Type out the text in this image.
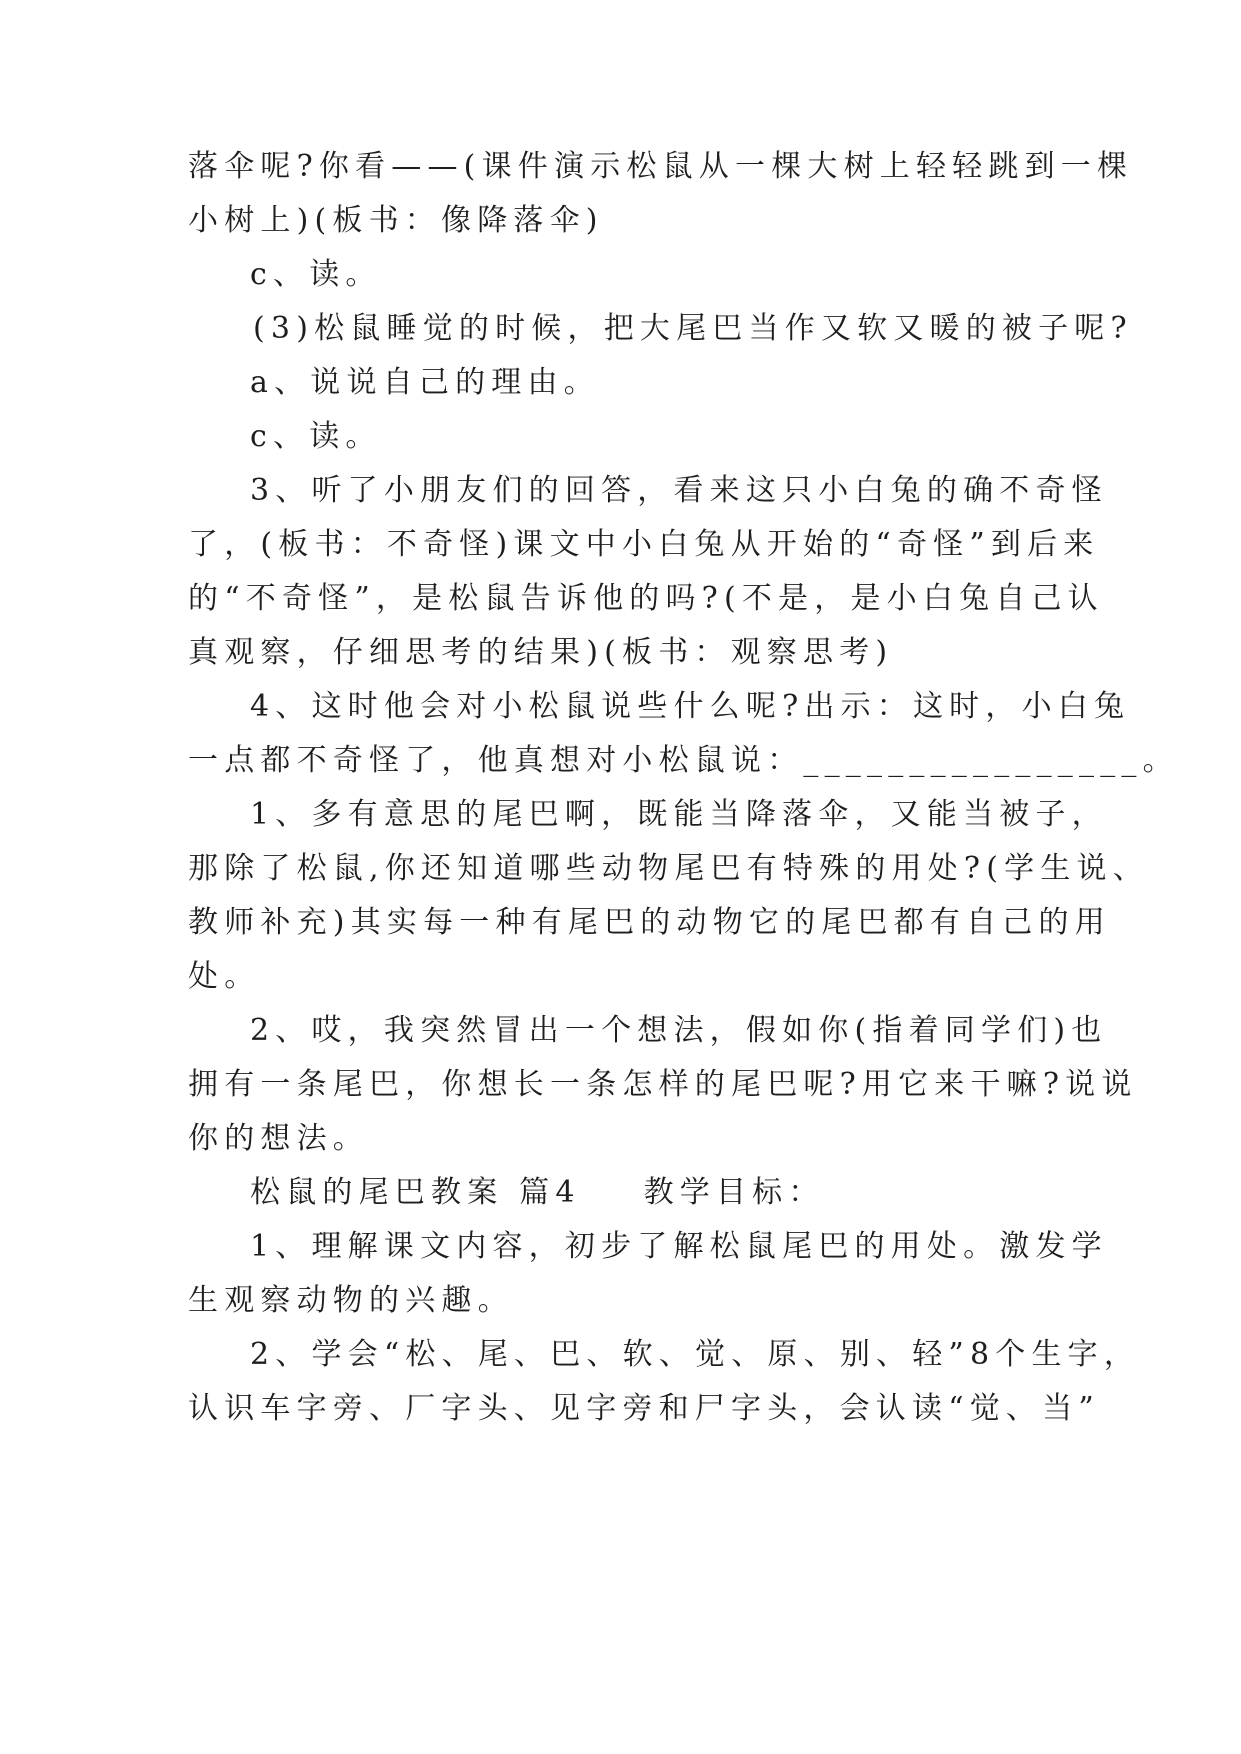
落伞呢?你看——(课件演示松鼠从一棵大树上轻轻跳到一棵

小树上)(板书：像降落伞)

c、读。

(3)松鼠睡觉的时候，把大尾巴当作又软又暖的被子呢?

a、说说自己的理由。

c、读。

3、听了小朋友们的回答，看来这只小白兔的确不奇怪

了，(板书：不奇怪)课文中小白兔从开始的“奇怪”到后来

的“不奇怪”，是松鼠告诉他的吗?(不是，是小白兔自己认

真观察，仔细思考的结果)(板书：观察思考)

4、这时他会对小松鼠说些什么呢?出示：这时，小白兔

一点都不奇怪了，他真想对小松鼠说：________________。

1、多有意思的尾巴啊，既能当降落伞，又能当被子，

那除了松鼠,你还知道哪些动物尾巴有特殊的用处?(学生说、

教师补充)其实每一种有尾巴的动物它的尾巴都有自己的用

处。

2、哎，我突然冒出一个想法，假如你(指着同学们)也

拥有一条尾巴，你想长一条怎样的尾巴呢?用它来干嘛?说说

你的想法。

松鼠的尾巴教案 篇4    教学目标：

1、理解课文内容，初步了解松鼠尾巴的用处。激发学

生观察动物的兴趣。

2、学会“松、尾、巴、软、觉、原、别、轻”8个生字，

认识车字旁、厂字头、见字旁和尸字头，会认读“觉、当”
